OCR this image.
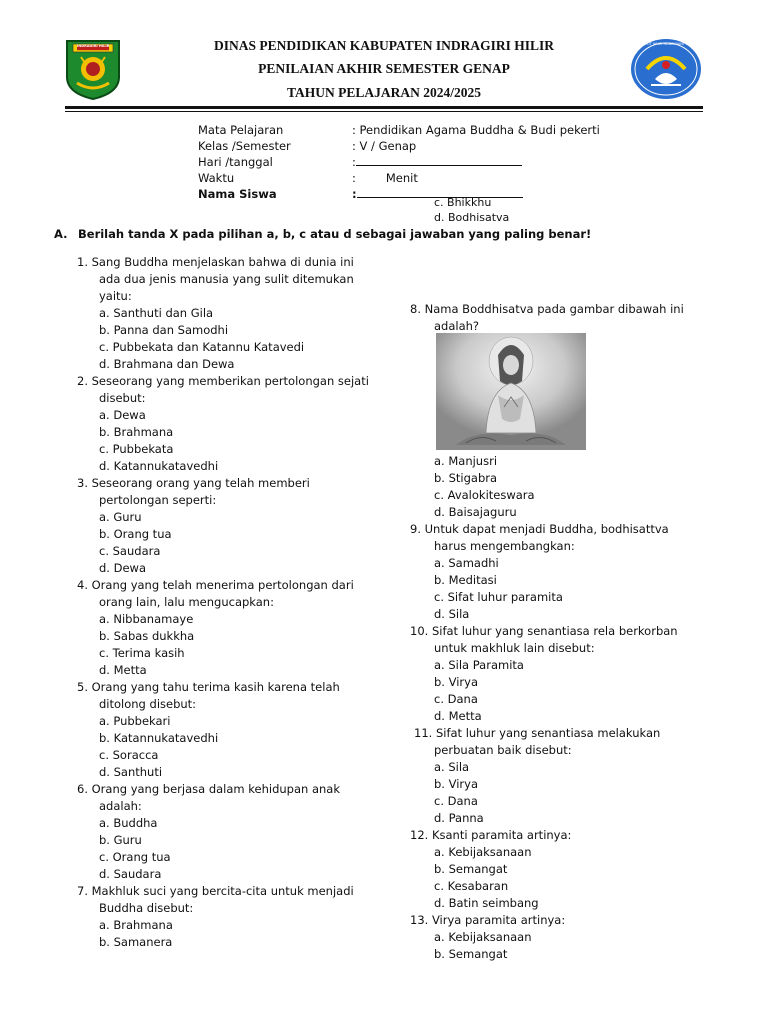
INDRAGIRI HILIR	TUT WURI HANDAYANI
DINAS PENDIDIKAN KABUPATEN INDRAGIRI HILIR
PENILAIAN AKHIR SEMESTER GENAP
TAHUN PELAJARAN 2024/2025
Mata Pelajaran	: Pendidikan Agama Buddha & Budi pekerti
Kelas /Semester	: V / Genap
Hari /tanggal	:
Waktu	:	Menit
Nama Siswa	:
c. Bhikkhu
d. Bodhisatva
A. Berilah tanda X pada pilihan a, b, c atau d sebagai jawaban yang paling benar!
1. Sang Buddha menjelaskan bahwa di dunia ini
ada dua jenis manusia yang sulit ditemukan
yaitu:
a. Santhuti dan Gila
b. Panna dan Samodhi
c. Pubbekata dan Katannu Katavedi
d. Brahmana dan Dewa
2. Seseorang yang memberikan pertolongan sejati
disebut:
a. Dewa
b. Brahmana
c. Pubbekata
d. Katannukatavedhi
3. Seseorang orang yang telah memberi
pertolongan seperti:
a. Guru
b. Orang tua
c. Saudara
d. Dewa
4. Orang yang telah menerima pertolongan dari
orang lain, lalu mengucapkan:
a. Nibbanamaye
b. Sabas dukkha
c. Terima kasih
d. Metta
5. Orang yang tahu terima kasih karena telah
ditolong disebut:
a. Pubbekari
b. Katannukatavedhi
c. Soracca
d. Santhuti
6. Orang yang berjasa dalam kehidupan anak
adalah:
a. Buddha
b. Guru
c. Orang tua
d. Saudara
7. Makhluk suci yang bercita-cita untuk menjadi
Buddha disebut:
a. Brahmana
b. Samanera
8. Nama Boddhisatva pada gambar dibawah ini
adalah?
a. Manjusri
b. Stigabra
c. Avalokiteswara
d. Baisajaguru
9. Untuk dapat menjadi Buddha, bodhisattva
harus mengembangkan:
a. Samadhi
b. Meditasi
c. Sifat luhur paramita
d. Sila
10. Sifat luhur yang senantiasa rela berkorban
untuk makhluk lain disebut:
a. Sila Paramita
b. Virya
c. Dana
d. Metta
11. Sifat luhur yang senantiasa melakukan
perbuatan baik disebut:
a. Sila
b. Virya
c. Dana
d. Panna
12. Ksanti paramita artinya:
a. Kebijaksanaan
b. Semangat
c. Kesabaran
d. Batin seimbang
13. Virya paramita artinya:
a. Kebijaksanaan
b. Semangat
